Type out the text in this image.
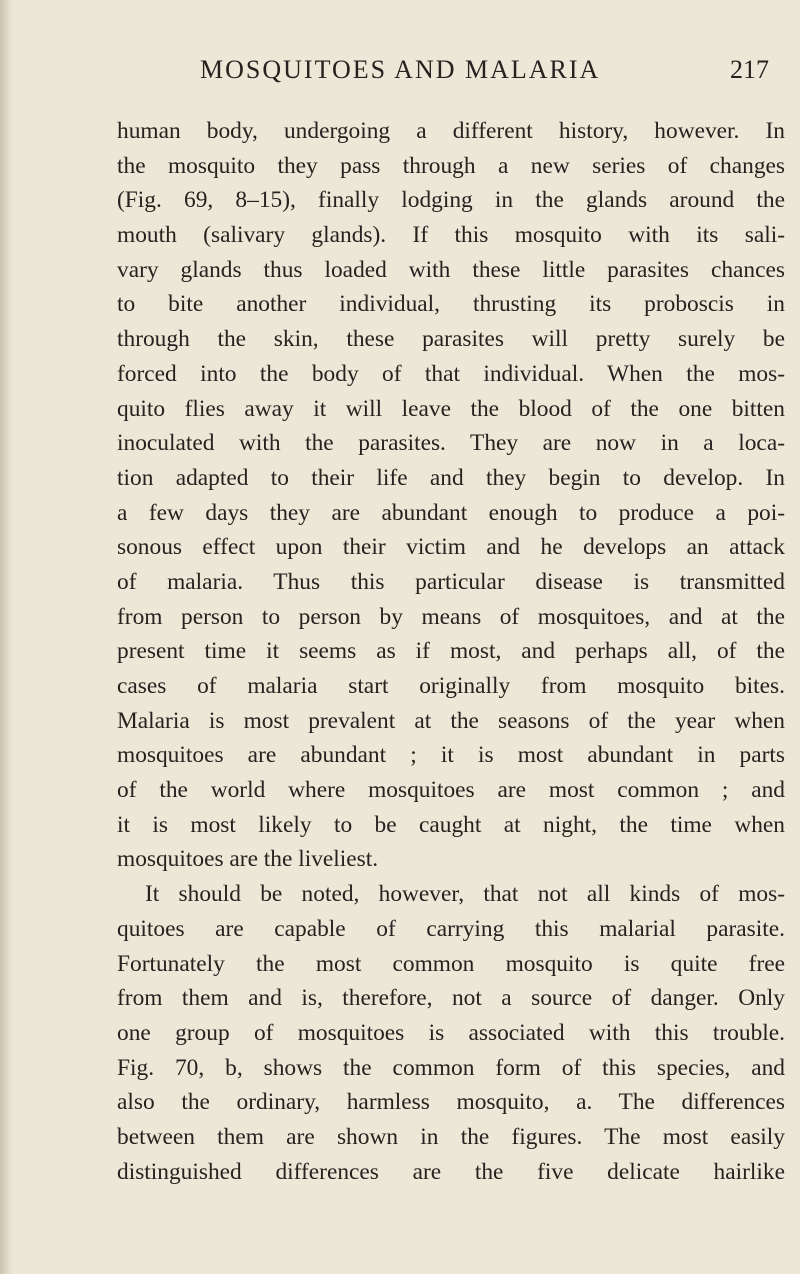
MOSQUITOES AND MALARIA	217
human body, undergoing a different history, however. In
the mosquito they pass through a new series of changes
(Fig. 69, 8–15), finally lodging in the glands around the
mouth (salivary glands). If this mosquito with its sali-
vary glands thus loaded with these little parasites chances
to bite another individual, thrusting its proboscis in
through the skin, these parasites will pretty surely be
forced into the body of that individual. When the mos-
quito flies away it will leave the blood of the one bitten
inoculated with the parasites. They are now in a loca-
tion adapted to their life and they begin to develop. In
a few days they are abundant enough to produce a poi-
sonous effect upon their victim and he develops an attack
of malaria. Thus this particular disease is transmitted
from person to person by means of mosquitoes, and at the
present time it seems as if most, and perhaps all, of the
cases of malaria start originally from mosquito bites.
Malaria is most prevalent at the seasons of the year when
mosquitoes are abundant ; it is most abundant in parts
of the world where mosquitoes are most common ; and
it is most likely to be caught at night, the time when
mosquitoes are the liveliest.
It should be noted, however, that not all kinds of mos-
quitoes are capable of carrying this malarial parasite.
Fortunately the most common mosquito is quite free
from them and is, therefore, not a source of danger. Only
one group of mosquitoes is associated with this trouble.
Fig. 70, b, shows the common form of this species, and
also the ordinary, harmless mosquito, a. The differences
between them are shown in the figures. The most easily
distinguished differences are the five delicate hairlike
